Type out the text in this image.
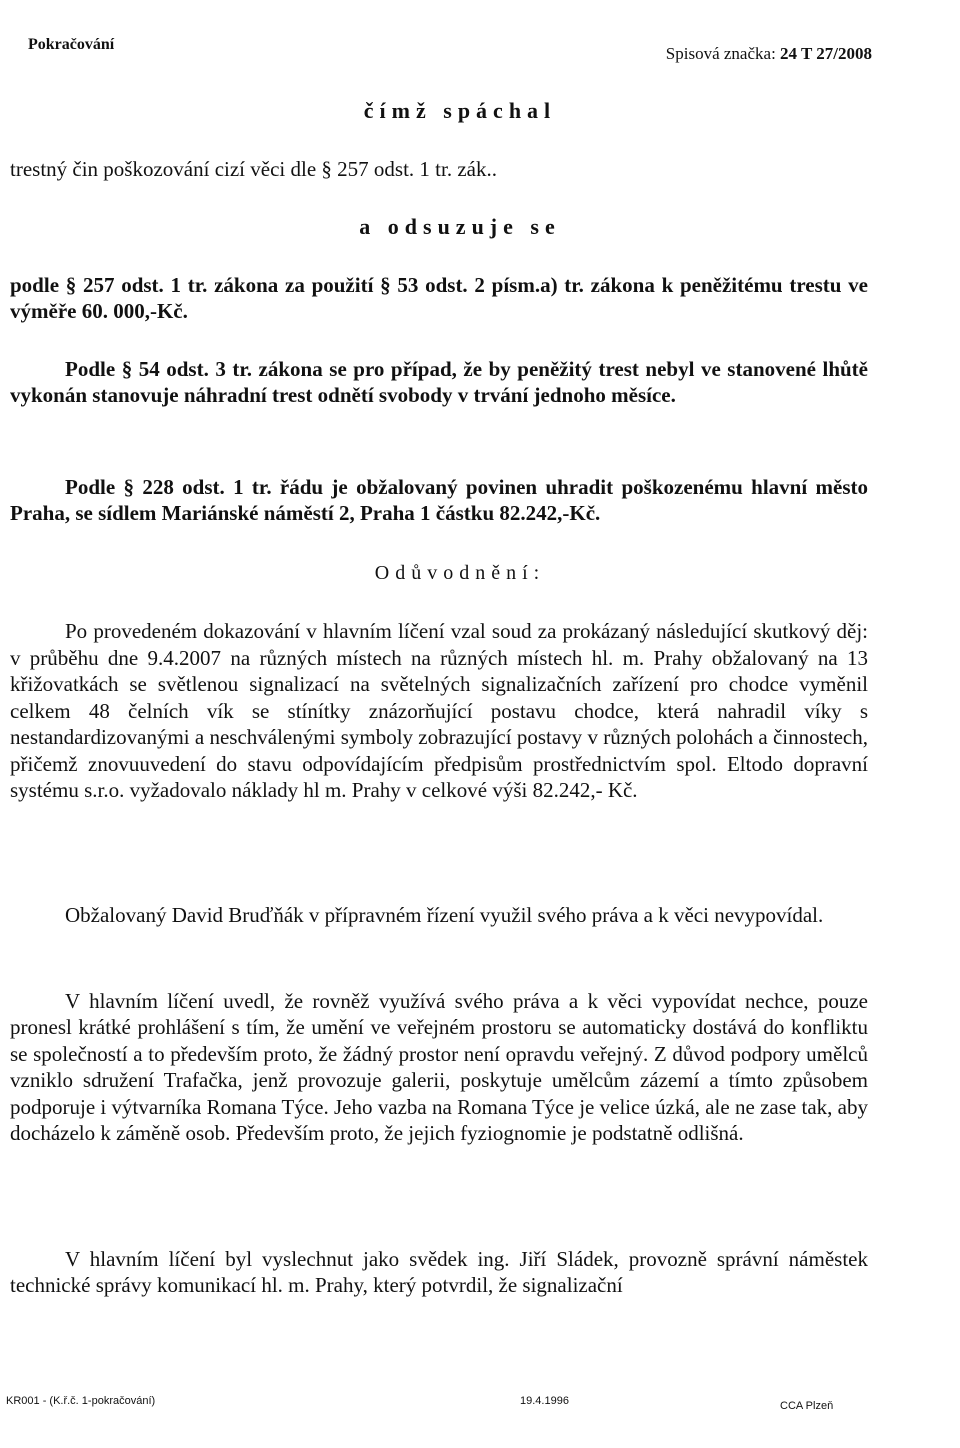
Pokračování	Spisová značka: 24 T 27/2008
čímž spáchal
trestný čin poškozování cizí věci dle § 257 odst. 1 tr. zák..
a odsuzuje se

podle § 257 odst. 1 tr. zákona za použití § 53 odst. 2 písm.a) tr. zákona k peněžitému trestu ve výměře 60. 000,-Kč.

Podle § 54 odst. 3 tr. zákona se pro případ, že by peněžitý trest nebyl ve stanovené lhůtě vykonán stanovuje náhradní trest odnětí svobody v trvání jednoho měsíce.

Podle § 228 odst. 1 tr. řádu je obžalovaný povinen uhradit poškozenému hlavní město Praha, se sídlem Mariánské náměstí 2, Praha 1 částku 82.242,-Kč.

Odůvodnění:

Po provedeném dokazování v hlavním líčení vzal soud za prokázaný následující skutkový děj: v průběhu dne 9.4.2007 na různých místech na různých místech hl. m. Prahy obžalovaný na 13 křižovatkách se světlenou signalizací na světelných signalizačních zařízení pro chodce vyměnil celkem 48 čelních vík se stínítky znázorňující postavu chodce, která nahradil víky s nestandardizovanými a neschválenými symboly zobrazující postavy v různých polohách a činnostech, přičemž znovuuvedení do stavu odpovídajícím předpisům prostřednictvím spol. Eltodo dopravní systému s.r.o. vyžadovalo náklady hl m. Prahy v celkové výši 82.242,- Kč.

Obžalovaný David Bruďňák v přípravném řízení využil svého práva a k věci nevypovídal.

V hlavním líčení uvedl, že rovněž využívá svého práva a k věci vypovídat nechce, pouze pronesl krátké prohlášení s tím, že umění ve veřejném prostoru se automaticky dostává do konfliktu se společností a to především proto, že žádný prostor není opravdu veřejný. Z důvod podpory umělců vzniklo sdružení Trafačka, jenž provozuje galerii, poskytuje umělcům zázemí a tímto způsobem podporuje i výtvarníka Romana Týce. Jeho vazba na Romana Týce je velice úzká, ale ne zase tak, aby docházelo k záměně osob. Především proto, že jejich fyziognomie je podstatně odlišná.

V hlavním líčení byl vyslechnut jako svědek ing. Jiří Sládek, provozně správní náměstek technické správy komunikací hl. m. Prahy, který potvrdil, že signalizační

KR001 - (K.ř.č. 1-pokračování)	19.4.1996	CCA Plzeň
